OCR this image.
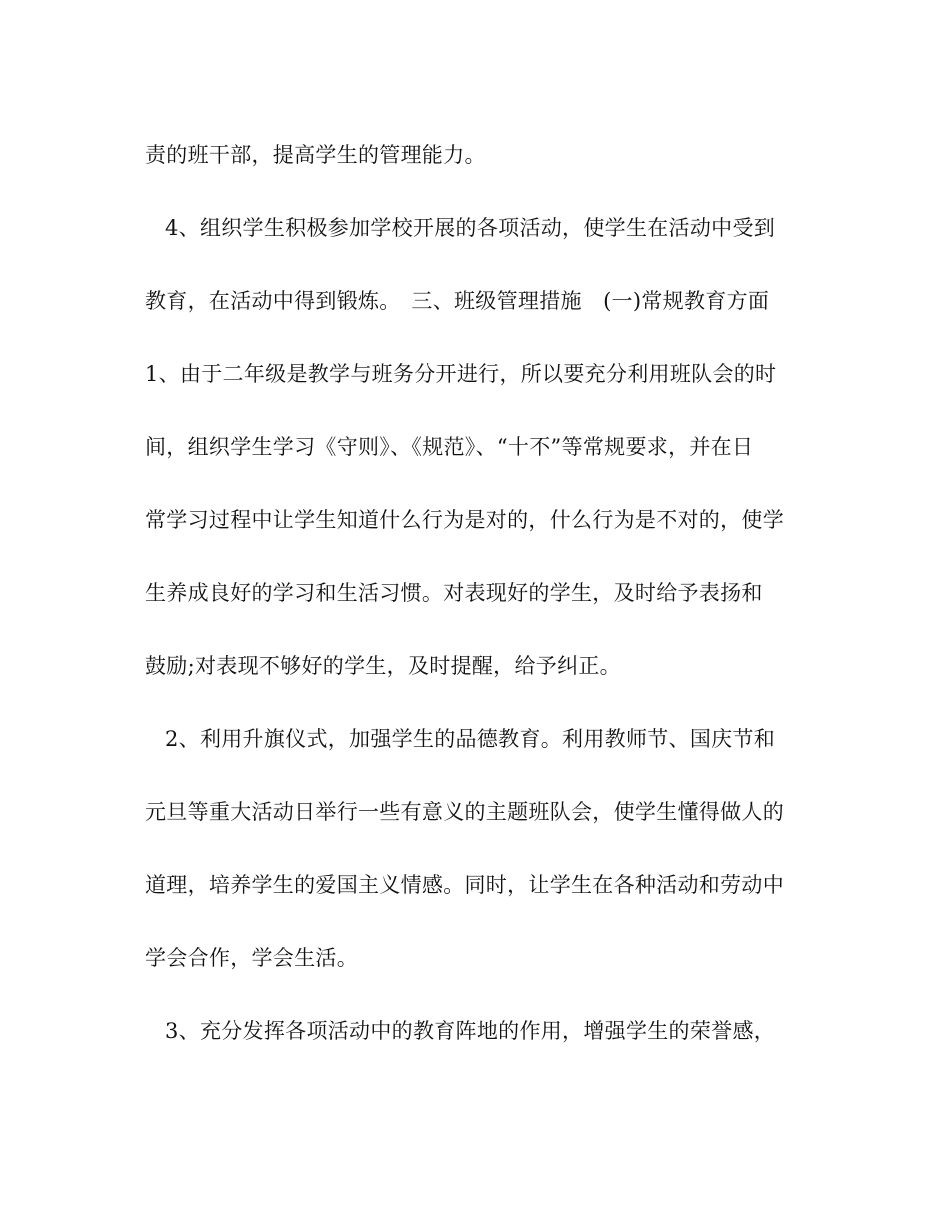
责的班干部，提高学生的管理能力。
4、组织学生积极参加学校开展的各项活动，使学生在活动中受到
教育，在活动中得到锻炼。　三、班级管理措施　(一)常规教育方面
1、由于二年级是教学与班务分开进行，所以要充分利用班队会的时
间，组织学生学习《守则》、《规范》、“十不”等常规要求，并在日
常学习过程中让学生知道什么行为是对的，什么行为是不对的，使学
生养成良好的学习和生活习惯。对表现好的学生，及时给予表扬和
鼓励;对表现不够好的学生，及时提醒，给予纠正。
2、利用升旗仪式，加强学生的品德教育。利用教师节、国庆节和
元旦等重大活动日举行一些有意义的主题班队会，使学生懂得做人的
道理，培养学生的爱国主义情感。同时，让学生在各种活动和劳动中
学会合作，学会生活。
3、充分发挥各项活动中的教育阵地的作用，增强学生的荣誉感，
